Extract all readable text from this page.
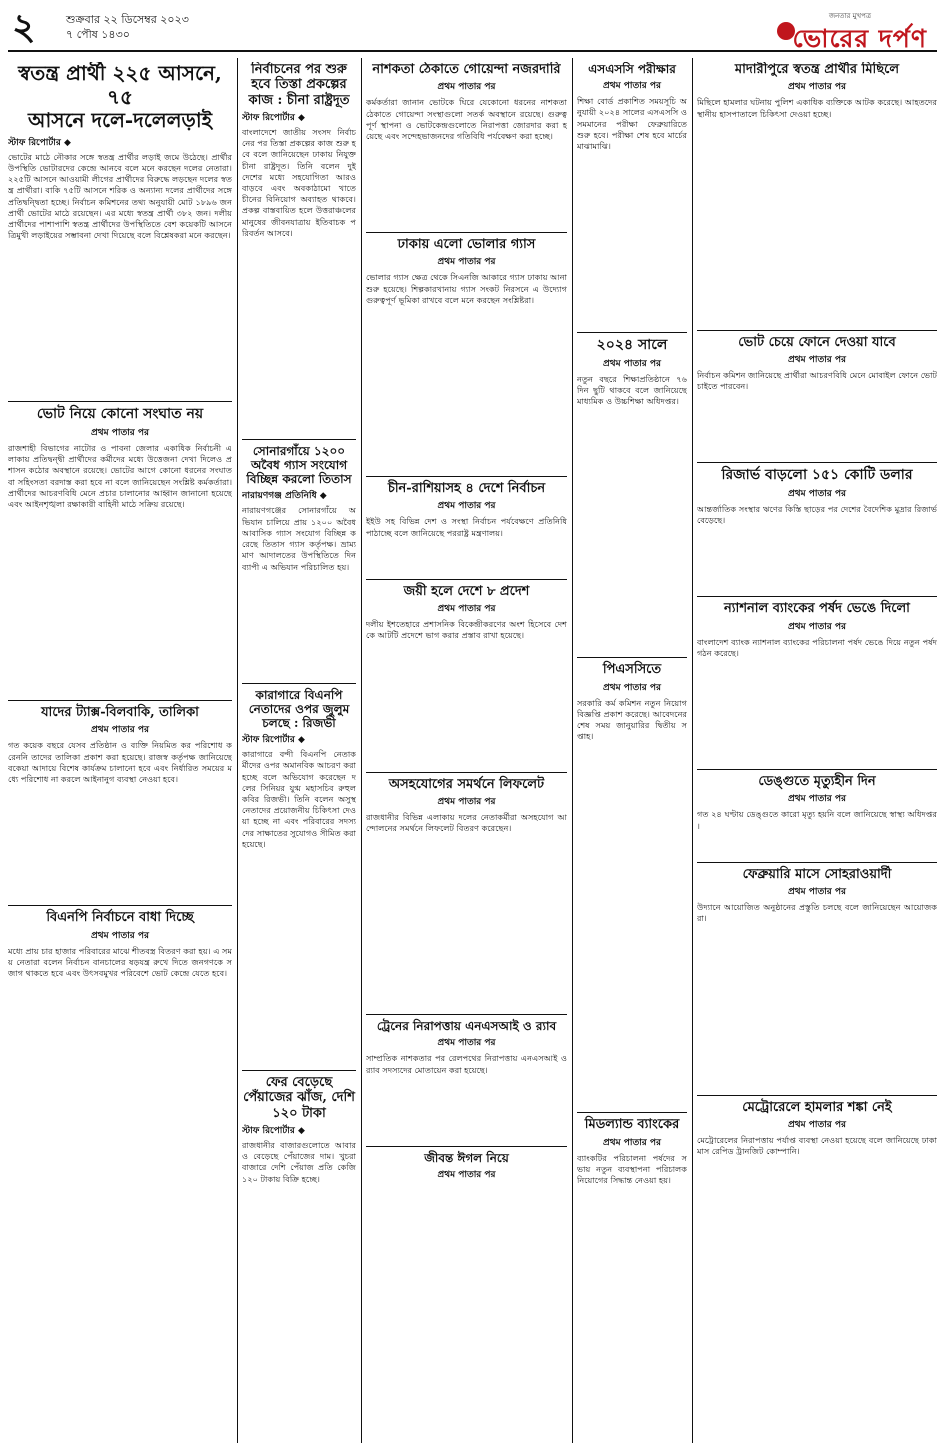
২	শুক্রবার ২২ ডিসেম্বর ২০২৩
৭ পৌষ ১৪৩০
জনতার মুখপত্র
ভোরের দর্পণ
স্বতন্ত্র প্রার্থী ২২৫ আসনে, ৭৫
আসনে দলে-দলেলড়াই
স্টাফ রিপোর্টার ◆

ভোটের মাঠে নৌকার সঙ্গে স্বতন্ত্র প্রার্থীর লড়াই জমে উঠেছে। প্রার্থীর উপস্থিতি ভোটারদের কেন্দ্রে আনবে বলে মনে করছেন দলের নেতারা। ২২৫টি আসনে আওয়ামী লীগের প্রার্থীদের বিরুদ্ধে লড়ছেন দলের স্বতন্ত্র প্রার্থীরা। বাকি ৭৫টি আসনে শরিক ও অন্যান্য দলের প্রার্থীদের সঙ্গে প্রতিদ্বন্দ্বিতা হচ্ছে। নির্বাচন কমিশনের তথ্য অনুযায়ী মোট ১৮৯৬ জন প্রার্থী ভোটের মাঠে রয়েছেন। এর মধ্যে স্বতন্ত্র প্রার্থী ৩৮২ জন। দলীয় প্রার্থীদের পাশাপাশি স্বতন্ত্র প্রার্থীদের উপস্থিতিতে বেশ কয়েকটি আসনে ত্রিমুখী লড়াইয়ের সম্ভাবনা দেখা দিয়েছে বলে বিশ্লেষকরা মনে করছেন।

ভোট নিয়ে কোনো সংঘাত নয়
প্রথম পাতার পর

রাজশাহী বিভাগের নাটোর ও পাবনা জেলার একাধিক নির্বাচনী এলাকায় প্রতিদ্বন্দ্বী প্রার্থীদের কর্মীদের মধ্যে উত্তেজনা দেখা দিলেও প্রশাসন কঠোর অবস্থানে রয়েছে। ভোটের আগে কোনো ধরনের সংঘাত বা সহিংসতা বরদাস্ত করা হবে না বলে জানিয়েছেন সংশ্লিষ্ট কর্মকর্তারা। প্রার্থীদের আচরণবিধি মেনে প্রচার চালানোর আহ্বান জানানো হয়েছে এবং আইনশৃঙ্খলা রক্ষাকারী বাহিনী মাঠে সক্রিয় রয়েছে।

যাদের ট্যাক্স-বিলবাকি, তালিকা
প্রথম পাতার পর

গত কয়েক বছরে যেসব প্রতিষ্ঠান ও ব্যক্তি নিয়মিত কর পরিশোধ করেননি তাদের তালিকা প্রকাশ করা হয়েছে। রাজস্ব কর্তৃপক্ষ জানিয়েছে বকেয়া আদায়ে বিশেষ কার্যক্রম চালানো হবে এবং নির্ধারিত সময়ের মধ্যে পরিশোধ না করলে আইনানুগ ব্যবস্থা নেওয়া হবে।

বিএনপি নির্বাচনে বাধা দিচ্ছে
প্রথম পাতার পর

মধ্যে প্রায় চার হাজার পরিবারের মাঝে শীতবস্ত্র বিতরণ করা হয়। এ সময় নেতারা বলেন নির্বাচন বানচালের ষড়যন্ত্র রুখে দিতে জনগণকে সজাগ থাকতে হবে এবং উৎসবমুখর পরিবেশে ভোট কেন্দ্রে যেতে হবে।

নির্বাচনের পর শুরু হবে তিস্তা প্রকল্পের কাজ : চীনা রাষ্ট্রদূত
স্টাফ রিপোর্টার ◆

বাংলাদেশে জাতীয় সংসদ নির্বাচনের পর তিস্তা প্রকল্পের কাজ শুরু হবে বলে জানিয়েছেন ঢাকায় নিযুক্ত চীনা রাষ্ট্রদূত। তিনি বলেন দুই দেশের মধ্যে সহযোগিতা আরও বাড়বে এবং অবকাঠামো খাতে চীনের বিনিয়োগ অব্যাহত থাকবে। প্রকল্প বাস্তবায়িত হলে উত্তরাঞ্চলের মানুষের জীবনযাত্রায় ইতিবাচক পরিবর্তন আসবে।

সোনারগাঁয়ে ১২০০ অবৈধ গ্যাস সংযোগ বিচ্ছিন্ন করলো তিতাস
নারায়ণগঞ্জ প্রতিনিধি ◆

নারায়ণগঞ্জের সোনারগাঁয়ে অভিযান চালিয়ে প্রায় ১২০০ অবৈধ আবাসিক গ্যাস সংযোগ বিচ্ছিন্ন করেছে তিতাস গ্যাস কর্তৃপক্ষ। ভ্রাম্যমাণ আদালতের উপস্থিতিতে দিনব্যাপী এ অভিযান পরিচালিত হয়।

কারাগারে বিএনপি নেতাদের ওপর জুলুম চলছে : রিজভী
স্টাফ রিপোর্টার ◆

কারাগারে বন্দী বিএনপি নেতাকর্মীদের ওপর অমানবিক আচরণ করা হচ্ছে বলে অভিযোগ করেছেন দলের সিনিয়র যুগ্ম মহাসচিব রুহুল কবির রিজভী। তিনি বলেন অসুস্থ নেতাদের প্রয়োজনীয় চিকিৎসা দেওয়া হচ্ছে না এবং পরিবারের সদস্যদের সাক্ষাতের সুযোগও সীমিত করা হয়েছে।

ফের বেড়েছে পেঁয়াজের ঝাঁজ, দেশি ১২০ টাকা
স্টাফ রিপোর্টার ◆

রাজধানীর বাজারগুলোতে আবারও বেড়েছে পেঁয়াজের দাম। খুচরা বাজারে দেশি পেঁয়াজ প্রতি কেজি ১২০ টাকায় বিক্রি হচ্ছে।

নাশকতা ঠেকাতে গোয়েন্দা নজরদারি
প্রথম পাতার পর

কর্মকর্তারা জানান ভোটকে ঘিরে যেকোনো ধরনের নাশকতা ঠেকাতে গোয়েন্দা সংস্থাগুলো সতর্ক অবস্থানে রয়েছে। গুরুত্বপূর্ণ স্থাপনা ও ভোটকেন্দ্রগুলোতে নিরাপত্তা জোরদার করা হয়েছে এবং সন্দেহভাজনদের গতিবিধি পর্যবেক্ষণ করা হচ্ছে।

ঢাকায় এলো ভোলার গ্যাস
প্রথম পাতার পর

ভোলার গ্যাস ক্ষেত্র থেকে সিএনজি আকারে গ্যাস ঢাকায় আনা শুরু হয়েছে। শিল্পকারখানায় গ্যাস সংকট নিরসনে এ উদ্যোগ গুরুত্বপূর্ণ ভূমিকা রাখবে বলে মনে করছেন সংশ্লিষ্টরা।

চীন-রাশিয়াসহ ৪ দেশে নির্বাচন
প্রথম পাতার পর

ইইউ সহ বিভিন্ন দেশ ও সংস্থা নির্বাচন পর্যবেক্ষণে প্রতিনিধি পাঠাচ্ছে বলে জানিয়েছে পররাষ্ট্র মন্ত্রণালয়।

জয়ী হলে দেশে ৮ প্রদেশ
প্রথম পাতার পর

দলীয় ইশতেহারে প্রশাসনিক বিকেন্দ্রীকরণের অংশ হিসেবে দেশকে আটটি প্রদেশে ভাগ করার প্রস্তাব রাখা হয়েছে।

অসহযোগের সমর্থনে লিফলেট
প্রথম পাতার পর

রাজধানীর বিভিন্ন এলাকায় দলের নেতাকর্মীরা অসহযোগ আন্দোলনের সমর্থনে লিফলেট বিতরণ করেছেন।

ট্রেনের নিরাপত্তায় এনএসআই ও র‌্যাব
প্রথম পাতার পর

সাম্প্রতিক নাশকতার পর রেলপথের নিরাপত্তায় এনএসআই ও র‌্যাব সদস্যদের মোতায়েন করা হয়েছে।

জীবন্ত ঈগল নিয়ে
প্রথম পাতার পর
এসএসসি পরীক্ষার
প্রথম পাতার পর

শিক্ষা বোর্ড প্রকাশিত সময়সূচি অনুযায়ী ২০২৪ সালের এসএসসি ও সমমানের পরীক্ষা ফেব্রুয়ারিতে শুরু হবে। পরীক্ষা শেষ হবে মার্চের মাঝামাঝি।

২০২৪ সালে
প্রথম পাতার পর

নতুন বছরে শিক্ষাপ্রতিষ্ঠানে ৭৬ দিন ছুটি থাকবে বলে জানিয়েছে মাধ্যমিক ও উচ্চশিক্ষা অধিদপ্তর।

পিএসসিতে
প্রথম পাতার পর

সরকারি কর্ম কমিশন নতুন নিয়োগ বিজ্ঞপ্তি প্রকাশ করেছে। আবেদনের শেষ সময় জানুয়ারির দ্বিতীয় সপ্তাহ।

মিডল্যান্ড ব্যাংকের
প্রথম পাতার পর

ব্যাংকটির পরিচালনা পর্ষদের সভায় নতুন ব্যবস্থাপনা পরিচালক নিয়োগের সিদ্ধান্ত নেওয়া হয়।

মাদারীপুরে স্বতন্ত্র প্রার্থীর মিছিলে
প্রথম পাতার পর

মিছিলে হামলার ঘটনায় পুলিশ একাধিক ব্যক্তিকে আটক করেছে। আহতদের স্থানীয় হাসপাতালে চিকিৎসা দেওয়া হচ্ছে।

ভোট চেয়ে ফোনে দেওয়া যাবে
প্রথম পাতার পর

নির্বাচন কমিশন জানিয়েছে প্রার্থীরা আচরণবিধি মেনে মোবাইল ফোনে ভোট চাইতে পারবেন।

রিজার্ভ বাড়লো ১৫১ কোটি ডলার
প্রথম পাতার পর

আন্তর্জাতিক সংস্থার ঋণের কিস্তি ছাড়ের পর দেশের বৈদেশিক মুদ্রার রিজার্ভ বেড়েছে।

ন্যাশনাল ব্যাংকের পর্ষদ ভেঙে দিলো
প্রথম পাতার পর

বাংলাদেশ ব্যাংক ন্যাশনাল ব্যাংকের পরিচালনা পর্ষদ ভেঙে দিয়ে নতুন পর্ষদ গঠন করেছে।

ডেঙ্গুতে মৃত্যুহীন দিন
প্রথম পাতার পর

গত ২৪ ঘণ্টায় ডেঙ্গুতে কারো মৃত্যু হয়নি বলে জানিয়েছে স্বাস্থ্য অধিদপ্তর।

ফেব্রুয়ারি মাসে সোহরাওয়ার্দী
প্রথম পাতার পর

উদ্যানে আয়োজিত অনুষ্ঠানের প্রস্তুতি চলছে বলে জানিয়েছেন আয়োজকরা।

মেট্রোরেলে হামলার শঙ্কা নেই
প্রথম পাতার পর

মেট্রোরেলের নিরাপত্তায় পর্যাপ্ত ব্যবস্থা নেওয়া হয়েছে বলে জানিয়েছে ঢাকা মাস রেপিড ট্রানজিট কোম্পানি।
